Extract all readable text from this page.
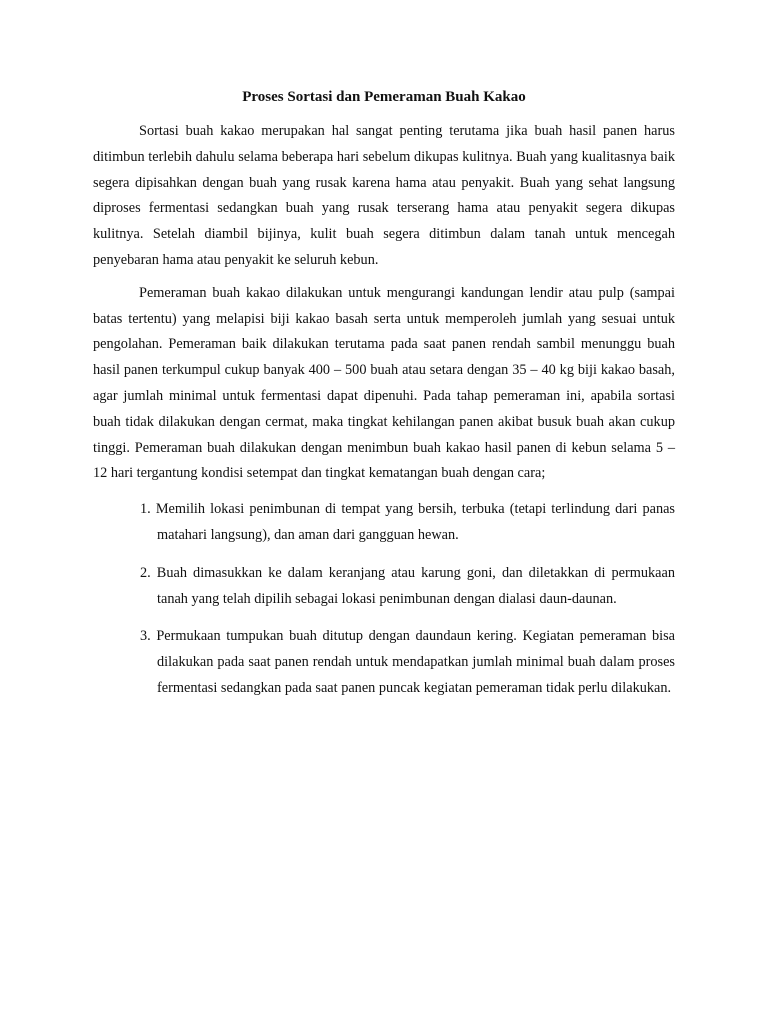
Proses Sortasi dan Pemeraman Buah Kakao

Sortasi buah kakao merupakan hal sangat penting terutama jika buah hasil panen harus ditimbun terlebih dahulu selama beberapa hari sebelum dikupas kulitnya. Buah yang kualitasnya baik segera dipisahkan dengan buah yang rusak karena hama atau penyakit. Buah yang sehat langsung diproses fermentasi sedangkan buah yang rusak terserang hama atau penyakit segera dikupas kulitnya. Setelah diambil bijinya, kulit buah segera ditimbun dalam tanah untuk mencegah penyebaran hama atau penyakit ke seluruh kebun.

Pemeraman buah kakao dilakukan untuk mengurangi kandungan lendir atau pulp (sampai batas tertentu) yang melapisi biji kakao basah serta untuk memperoleh jumlah yang sesuai untuk pengolahan. Pemeraman baik dilakukan terutama pada saat panen rendah sambil menunggu buah hasil panen terkumpul cukup banyak 400 – 500 buah atau setara dengan 35 – 40 kg biji kakao basah, agar jumlah minimal untuk fermentasi dapat dipenuhi. Pada tahap pemeraman ini, apabila sortasi buah tidak dilakukan dengan cermat, maka tingkat kehilangan panen akibat busuk buah akan cukup tinggi. Pemeraman buah dilakukan dengan menimbun buah kakao hasil panen di kebun selama 5 – 12 hari tergantung kondisi setempat dan tingkat kematangan buah dengan cara;

1. Memilih lokasi penimbunan di tempat yang bersih, terbuka (tetapi terlindung dari panas matahari langsung), dan aman dari gangguan hewan.
2. Buah dimasukkan ke dalam keranjang atau karung goni, dan diletakkan di permukaan tanah yang telah dipilih sebagai lokasi penimbunan dengan dialasi daun-daunan.
3. Permukaan tumpukan buah ditutup dengan daundaun kering. Kegiatan pemeraman bisa dilakukan pada saat panen rendah untuk mendapatkan jumlah minimal buah dalam proses fermentasi sedangkan pada saat panen puncak kegiatan pemeraman tidak perlu dilakukan.
